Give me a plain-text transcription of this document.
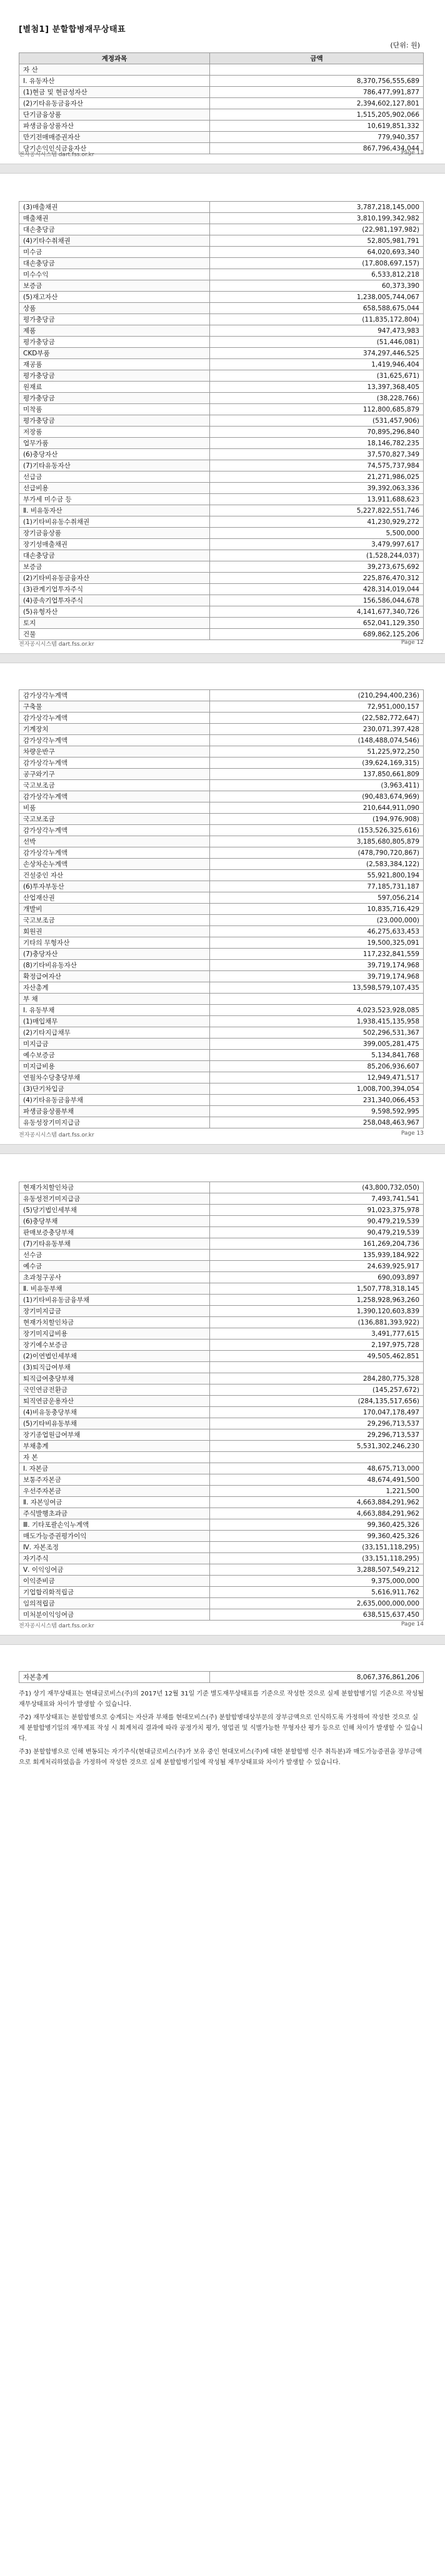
[별첨1] 분할합병재무상태표
(단위: 원)
계정과목	금액
자 산	
Ⅰ. 유동자산	8,370,756,555,689
(1)현금 및 현금성자산	786,477,991,877
(2)기타유동금융자산	2,394,602,127,801
단기금융상품	1,515,205,902,066
파생금융상품자산	10,619,851,332
만기전매매증권자산	779,940,357
당기손익인식금융자산	867,796,434,044
전자공시시스템 dart.fss.or.kr	Page 11
(3)매출채권	3,787,218,145,000
매출채권	3,810,199,342,982
대손충당금	(22,981,197,982)
(4)기타수취채권	52,805,981,791
미수금	64,020,693,340
대손충당금	(17,808,697,157)
미수수익	6,533,812,218
보증금	60,373,390
(5)재고자산	1,238,005,744,067
상품	658,588,675,044
평가충당금	(11,835,172,804)
제품	947,473,983
평가충당금	(51,446,081)
CKD부품	374,297,446,525
재공품	1,419,946,404
평가충당금	(31,625,671)
원재료	13,397,368,405
평가충당금	(38,228,766)
미착품	112,800,685,879
평가충당금	(531,457,906)
저장품	70,895,296,840
업무가품	18,146,782,235
(6)충당자산	37,570,827,349
(7)기타유동자산	74,575,737,984
선급금	21,271,986,025
선급비용	39,392,063,336
부가세 미수금 등	13,911,688,623
Ⅱ. 비유동자산	5,227,822,551,746
(1)기타비유동수취채권	41,230,929,272
장기금융상품	5,500,000
장기성매출채권	3,479,997,617
대손충당금	(1,528,244,037)
보증금	39,273,675,692
(2)기타비유동금융자산	225,876,470,312
(3)관계기업투자주식	428,314,019,044
(4)종속기업투자주식	156,586,044,678
(5)유형자산	4,141,677,340,726
토지	652,041,129,350
건물	689,862,125,206
전자공시시스템 dart.fss.or.kr	Page 12
감가상각누계액	(210,294,400,236)
구축물	72,951,000,157
감가상각누계액	(22,582,772,647)
기계장치	230,071,397,428
감가상각누계액	(148,488,074,546)
차량운반구	51,225,972,250
감가상각누계액	(39,624,169,315)
공구와기구	137,850,661,809
국고보조금	(3,963,411)
감가상각누계액	(90,483,674,969)
비품	210,644,911,090
국고보조금	(194,976,908)
감가상각누계액	(153,526,325,616)
선박	3,185,680,805,879
감가상각누계액	(478,790,720,867)
손상차손누계액	(2,583,384,122)
건설중인 자산	55,921,800,194
(6)투자부동산	77,185,731,187
산업재산권	597,056,214
개발비	10,835,716,429
국고보조금	(23,000,000)
회원권	46,275,633,453
기타의 무형자산	19,500,325,091
(7)충당자산	117,232,841,559
(8)기타비유동자산	39,719,174,968
확정급여자산	39,719,174,968
자산총계	13,598,579,107,435
부 채	
Ⅰ. 유동부채	4,023,523,928,085
(1)매입채무	1,938,415,135,958
(2)기타지급채무	502,296,531,367
미지급금	399,005,281,475
예수보증금	5,134,841,768
미지급비용	85,206,936,607
연월차수당충당부채	12,949,471,517
(3)단기차입금	1,008,700,394,054
(4)기타유동금융부채	231,340,066,453
파생금융상품부채	9,598,592,995
유동성장기미지급금	258,048,463,967
전자공시시스템 dart.fss.or.kr	Page 13
현재가치할인차금	(43,800,732,050)
유동성전기미지급금	7,493,741,541
(5)당기법인세부채	91,023,375,978
(6)충당부채	90,479,219,539
판매보증충당부채	90,479,219,539
(7)기타유동부채	161,269,204,736
선수금	135,939,184,922
예수금	24,639,925,917
초과청구공사	690,093,897
Ⅱ. 비유동부채	1,507,778,318,145
(1)기타비유동금융부채	1,258,928,963,260
장기미지급금	1,390,120,603,839
현재가치할인차금	(136,881,393,922)
장기미지급비용	3,491,777,615
장기예수보증금	2,197,975,728
(2)이연법인세부채	49,505,462,851
(3)퇴직급여부채	
퇴직급여충당부채	284,280,775,328
국민연금전환금	(145,257,672)
퇴직연금운용자산	(284,135,517,656)
(4)비유동충당부채	170,047,178,497
(5)기타비유동부채	29,296,713,537
장기종업원급여부채	29,296,713,537
부채총계	5,531,302,246,230
자 본	
Ⅰ. 자본금	48,675,713,000
보통주자본금	48,674,491,500
우선주자본금	1,221,500
Ⅱ. 자본잉여금	4,663,884,291,962
주식발행초과금	4,663,884,291,962
Ⅲ. 기타포괄손익누계액	99,360,425,326
매도가능증권평가이익	99,360,425,326
Ⅳ. 자본조정	(33,151,118,295)
자기주식	(33,151,118,295)
Ⅴ. 이익잉여금	3,288,507,549,212
이익준비금	9,375,000,000
기업합리화적립금	5,616,911,762
임의적립금	2,635,000,000,000
미처분이익잉여금	638,515,637,450
전자공시시스템 dart.fss.or.kr	Page 14
자본총계	8,067,376,861,206

주1) 상기 재무상태표는 현대글로비스(주)의 2017년 12월 31일 기준 별도재무상태표를 기준으로 작성한 것으로 실제 분할합병기일 기준으로 작성될 재무상태표와 차이가 발생할 수 있습니다.

주2) 재무상태표는 분할합병으로 승계되는 자산과 부채를 현대모비스(주) 분할합병대상부문의 장부금액으로 인식하도록 가정하여 작성한 것으로 실제 분할합병기일의 재무제표 작성 시 회계처리 결과에 따라 공정가치 평가, 영업권 및 식별가능한 무형자산 평가 등으로 인해 차이가 발생할 수 있습니다.

주3) 분할합병으로 인해 변동되는 자기주식(현대글로비스(주)가 보유 중인 현대모비스(주)에 대한 분할합병 신주 취득분)과 매도가능증권을 장부금액으로 회계처리하였음을 가정하여 작성한 것으로 실제 분할합병기일에 작성될 재무상태표와 차이가 발생할 수 있습니다.
